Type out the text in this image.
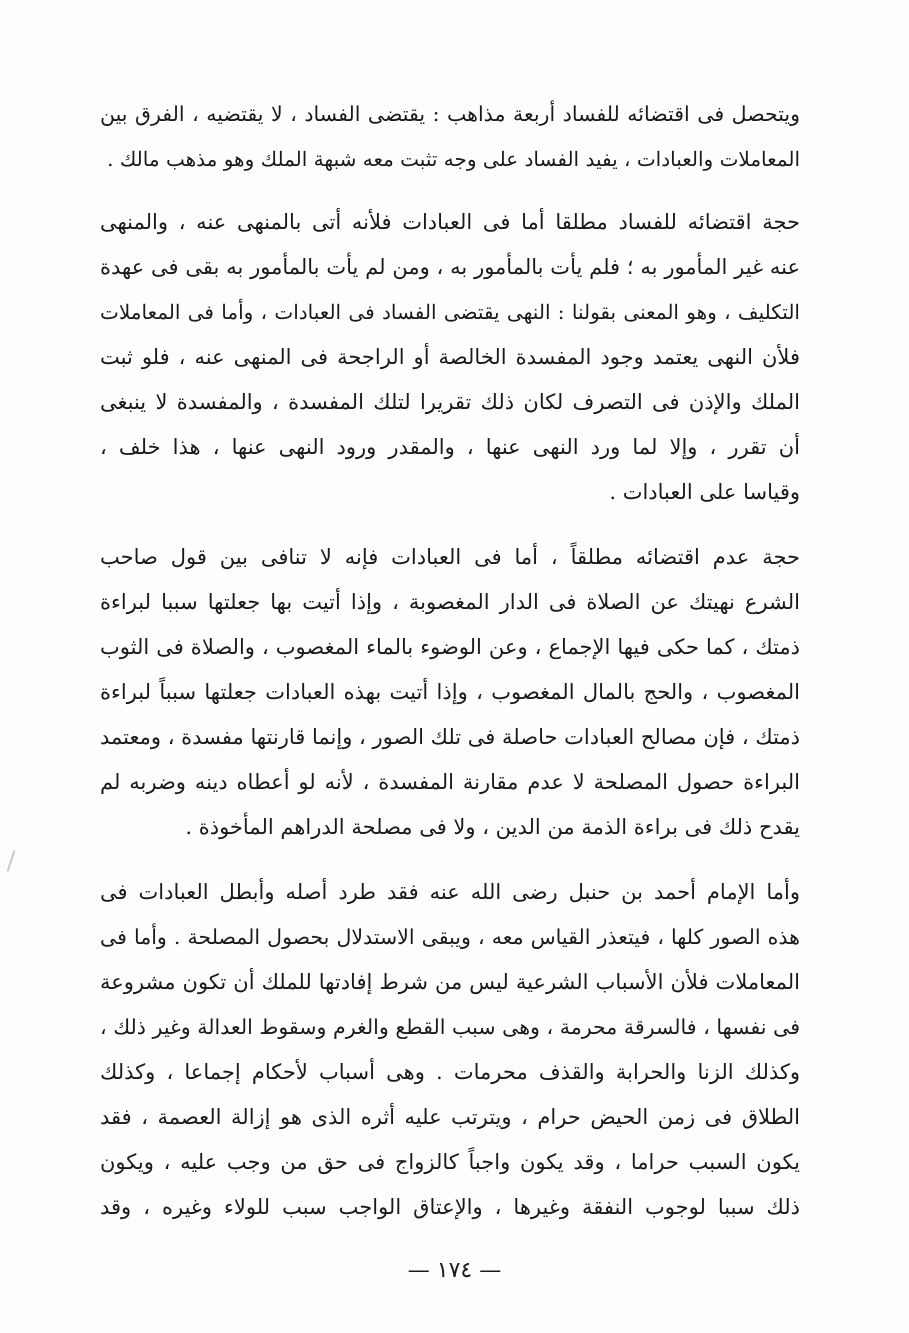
ويتحصل فى اقتضائه للفساد أربعة مذاهب : يقتضى الفساد ، لا يقتضيه ، الفرق بين
المعاملات والعبادات ، يفيد الفساد على وجه تثبت معه شبهة الملك وهو مذهب مالك .
حجة اقتضائه للفساد مطلقا أما فى العبادات فلأنه أتى بالمنهى عنه ، والمنهى
عنه غير المأمور به ؛ فلم يأت بالمأمور به ، ومن لم يأت بالمأمور به بقى فى عهدة
التكليف ، وهو المعنى بقولنا : النهى يقتضى الفساد فى العبادات ، وأما فى المعاملات
فلأن النهى يعتمد وجود المفسدة الخالصة أو الراجحة فى المنهى عنه ، فلو ثبت
الملك والإذن فى التصرف لكان ذلك تقريرا لتلك المفسدة ، والمفسدة لا ينبغى
أن تقرر ، وإلا لما ورد النهى عنها ، والمقدر ورود النهى عنها ، هذا خلف ،
وقياسا على العبادات .
حجة عدم اقتضائه مطلقاً ، أما فى العبادات فإنه لا تنافى بين قول صاحب
الشرع نهيتك عن الصلاة فى الدار المغصوبة ، وإذا أتيت بها جعلتها سببا لبراءة
ذمتك ، كما حكى فيها الإجماع ، وعن الوضوء بالماء المغصوب ، والصلاة فى الثوب
المغصوب ، والحج بالمال المغصوب ، وإذا أتيت بهذه العبادات جعلتها سبباً لبراءة
ذمتك ، فإن مصالح العبادات حاصلة فى تلك الصور ، وإنما قارنتها مفسدة ، ومعتمد
البراءة حصول المصلحة لا عدم مقارنة المفسدة ، لأنه لو أعطاه دينه وضربه لم
يقدح ذلك فى براءة الذمة من الدين ، ولا فى مصلحة الدراهم المأخوذة .
وأما الإمام أحمد بن حنبل رضى الله عنه فقد طرد أصله وأبطل العبادات فى
هذه الصور كلها ، فيتعذر القياس معه ، ويبقى الاستدلال بحصول المصلحة . وأما فى
المعاملات فلأن الأسباب الشرعية ليس من شرط إفادتها للملك أن تكون مشروعة
فى نفسها ، فالسرقة محرمة ، وهى سبب القطع والغرم وسقوط العدالة وغير ذلك ،
وكذلك الزنا والحرابة والقذف محرمات . وهى أسباب لأحكام إجماعا ، وكذلك
الطلاق فى زمن الحيض حرام ، ويترتب عليه أثره الذى هو إزالة العصمة ، فقد
يكون السبب حراما ، وقد يكون واجباً كالزواج فى حق من وجب عليه ، ويكون
ذلك سببا لوجوب النفقة وغيرها ، والإعتاق الواجب سبب للولاء وغيره ، وقد
— ١٧٤ —
